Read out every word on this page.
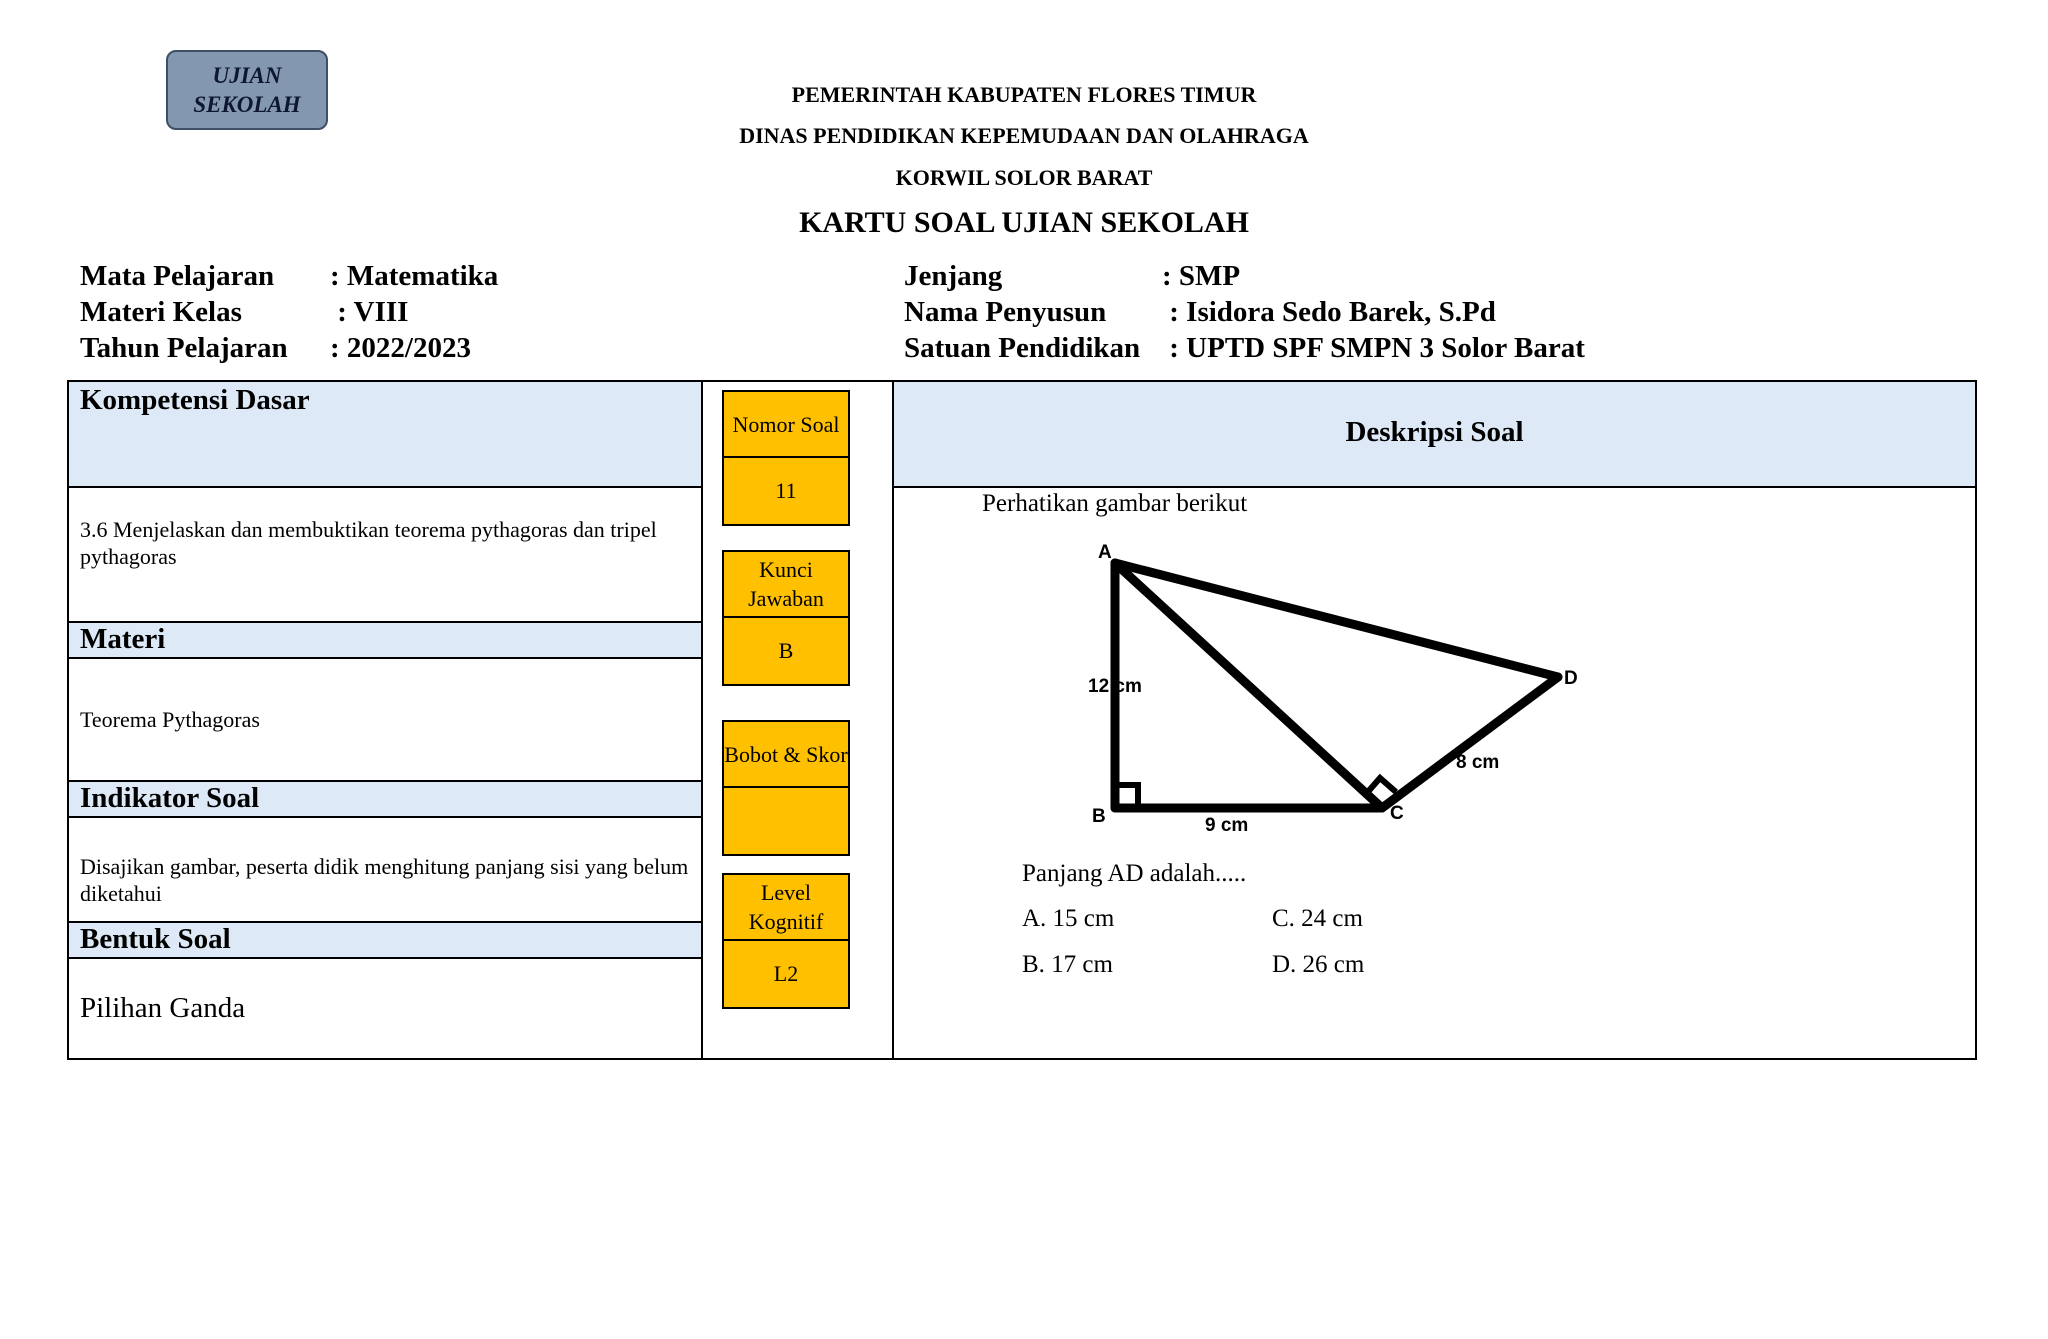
UJIAN
SEKOLAH	PEMERINTAH KABUPATEN FLORES TIMUR
DINAS PENDIDIKAN KEPEMUDAAN DAN OLAHRAGA
KORWIL SOLOR BARAT
KARTU SOAL UJIAN SEKOLAH
Mata Pelajaran : Matematika
Materi Kelas	: VIII
Tahun Pelajaran : 2022/2023
Jenjang	: SMP
Nama Penyusun : Isidora Sedo Barek, S.Pd
Satuan Pendidikan : UPTD SPF SMPN 3 Solor Barat
Kompetensi Dasar
3.6 Menjelaskan dan membuktikan teorema pythagoras dan tripel pythagoras
Materi
Teorema Pythagoras
Indikator Soal
Disajikan gambar, peserta didik menghitung panjang sisi yang belum diketahui
Bentuk Soal
Pilihan Ganda
Nomor Soal
11
Kunci Jawaban
B
Bobot & Skor
Level Kognitif
L2
Deskripsi Soal
Perhatikan gambar berikut
A
B	C
D
12 cm
9 cm
8 cm
Panjang AD adalah.....
A. 15 cm	C. 24 cm
B. 17 cm	D. 26 cm
